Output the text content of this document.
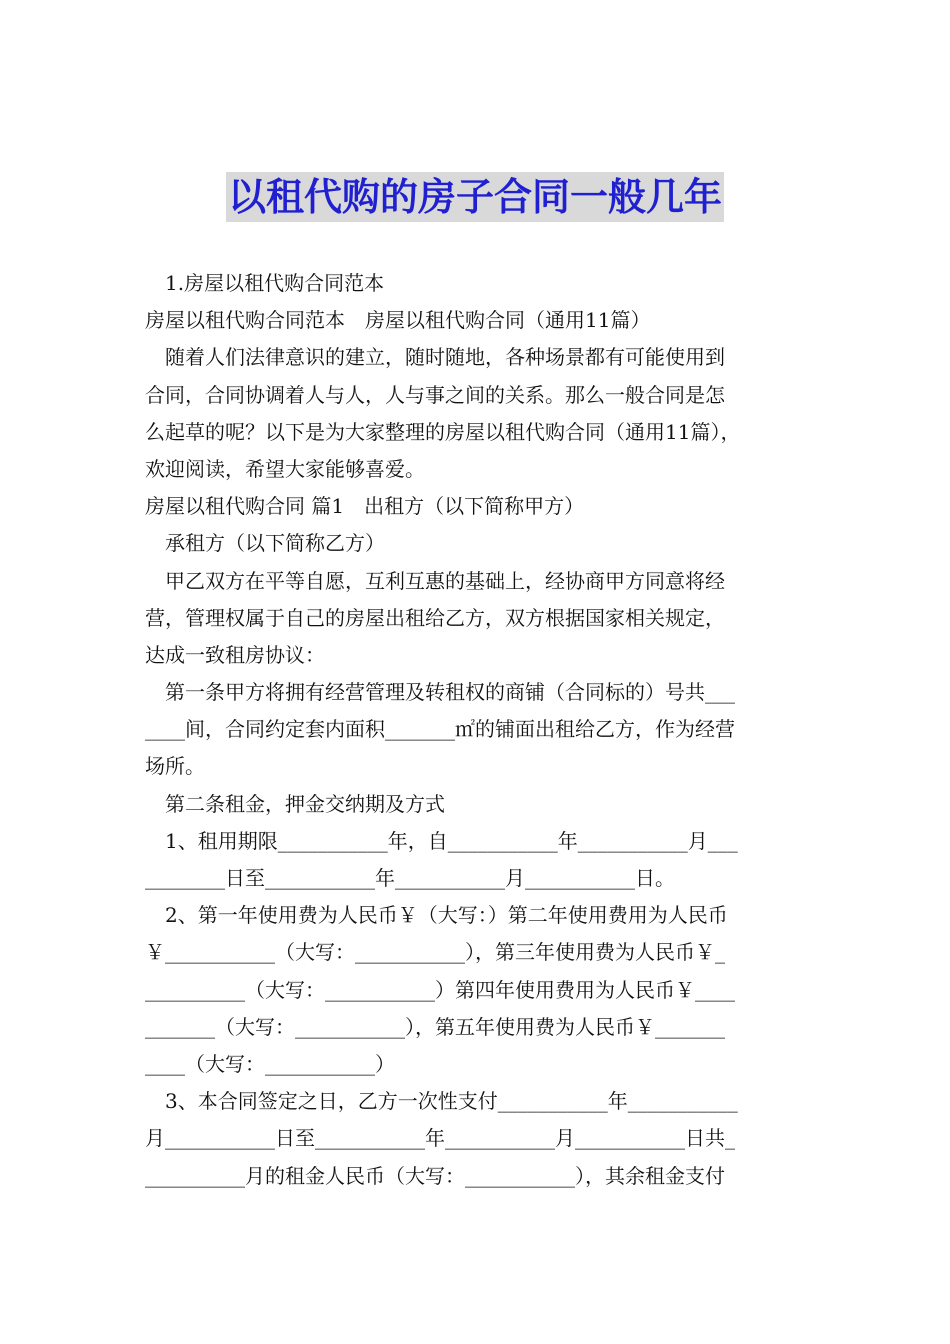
以租代购的房子合同一般几年
1.房屋以租代购合同范本
房屋以租代购合同范本　房屋以租代购合同（通用11篇）
随着人们法律意识的建立，随时随地，各种场景都有可能使用到
合同，合同协调着人与人，人与事之间的关系。那么一般合同是怎
么起草的呢？以下是为大家整理的房屋以租代购合同（通用11篇），
欢迎阅读，希望大家能够喜爱。
房屋以租代购合同 篇1　出租方（以下简称甲方）
承租方（以下简称乙方）
甲乙双方在平等自愿，互利互惠的基础上，经协商甲方同意将经
营，管理权属于自己的房屋出租给乙方，双方根据国家相关规定，
达成一致租房协议：
第一条甲方将拥有经营管理及转租权的商铺（合同标的）号共___
____间，合同约定套内面积_______㎡的铺面出租给乙方，作为经营
场所。
第二条租金，押金交纳期及方式
1、租用期限___________年，自___________年___________月___
________日至___________年___________月___________日。
2、第一年使用费为人民币￥（大写：）第二年使用费用为人民币
￥___________（大写：___________），第三年使用费为人民币￥_
__________（大写：___________）第四年使用费用为人民币￥____
_______（大写：___________），第五年使用费为人民币￥_______
____（大写：___________）
3、本合同签定之日，乙方一次性支付___________年___________
月___________日至___________年___________月___________日共_
__________月的租金人民币（大写：___________），其余租金支付
